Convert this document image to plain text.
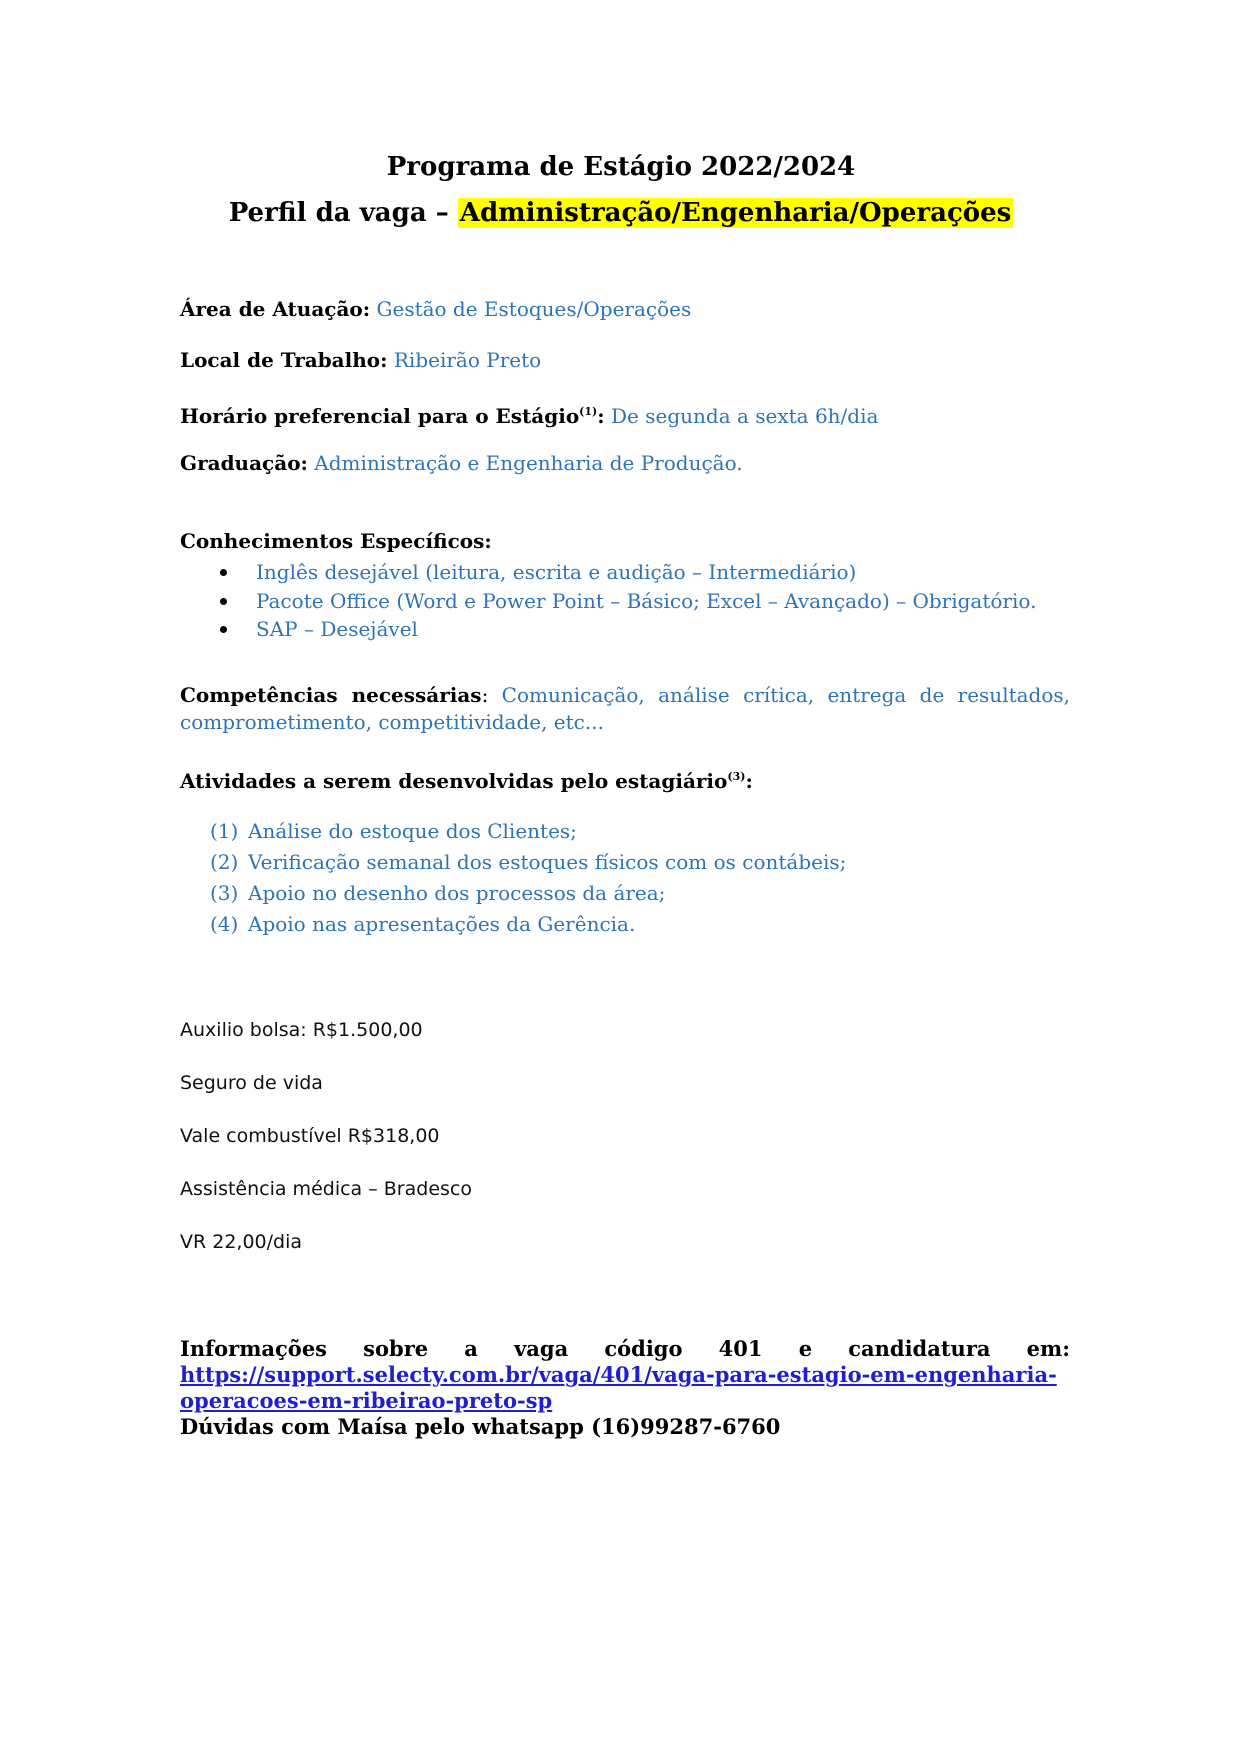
Programa de Estágio 2022/2024
Perfil da vaga – Administração/Engenharia/Operações
Área de Atuação: Gestão de Estoques/Operações
Local de Trabalho: Ribeirão Preto
Horário preferencial para o Estágio$^{(1)}$: De segunda a sexta 6h/dia
Graduação: Administração e Engenharia de Produção.
Conhecimentos Específicos:
Inglês desejável (leitura, escrita e audição – Intermediário)
Pacote Office (Word e Power Point – Básico; Excel – Avançado) – Obrigatório.
SAP – Desejável
Competências necessárias: Comunicação, análise crítica, entrega de resultados,
comprometimento, competitividade, etc...
Atividades a serem desenvolvidas pelo estagiário$^{(3)}$:
(1) Análise do estoque dos Clientes;
(2) Verificação semanal dos estoques físicos com os contábeis;
(3) Apoio no desenho dos processos da área;
(4) Apoio nas apresentações da Gerência.
Auxilio bolsa: R$1.500,00
Seguro de vida
Vale combustível R$318,00
Assistência médica – Bradesco
VR 22,00/dia
Informações sobre a vaga código 401 e candidatura em:
https://support.selecty.com.br/vaga/401/vaga-para-estagio-em-engenharia-
operacoes-em-ribeirao-preto-sp
Dúvidas com Maísa pelo whatsapp (16)99287-6760
